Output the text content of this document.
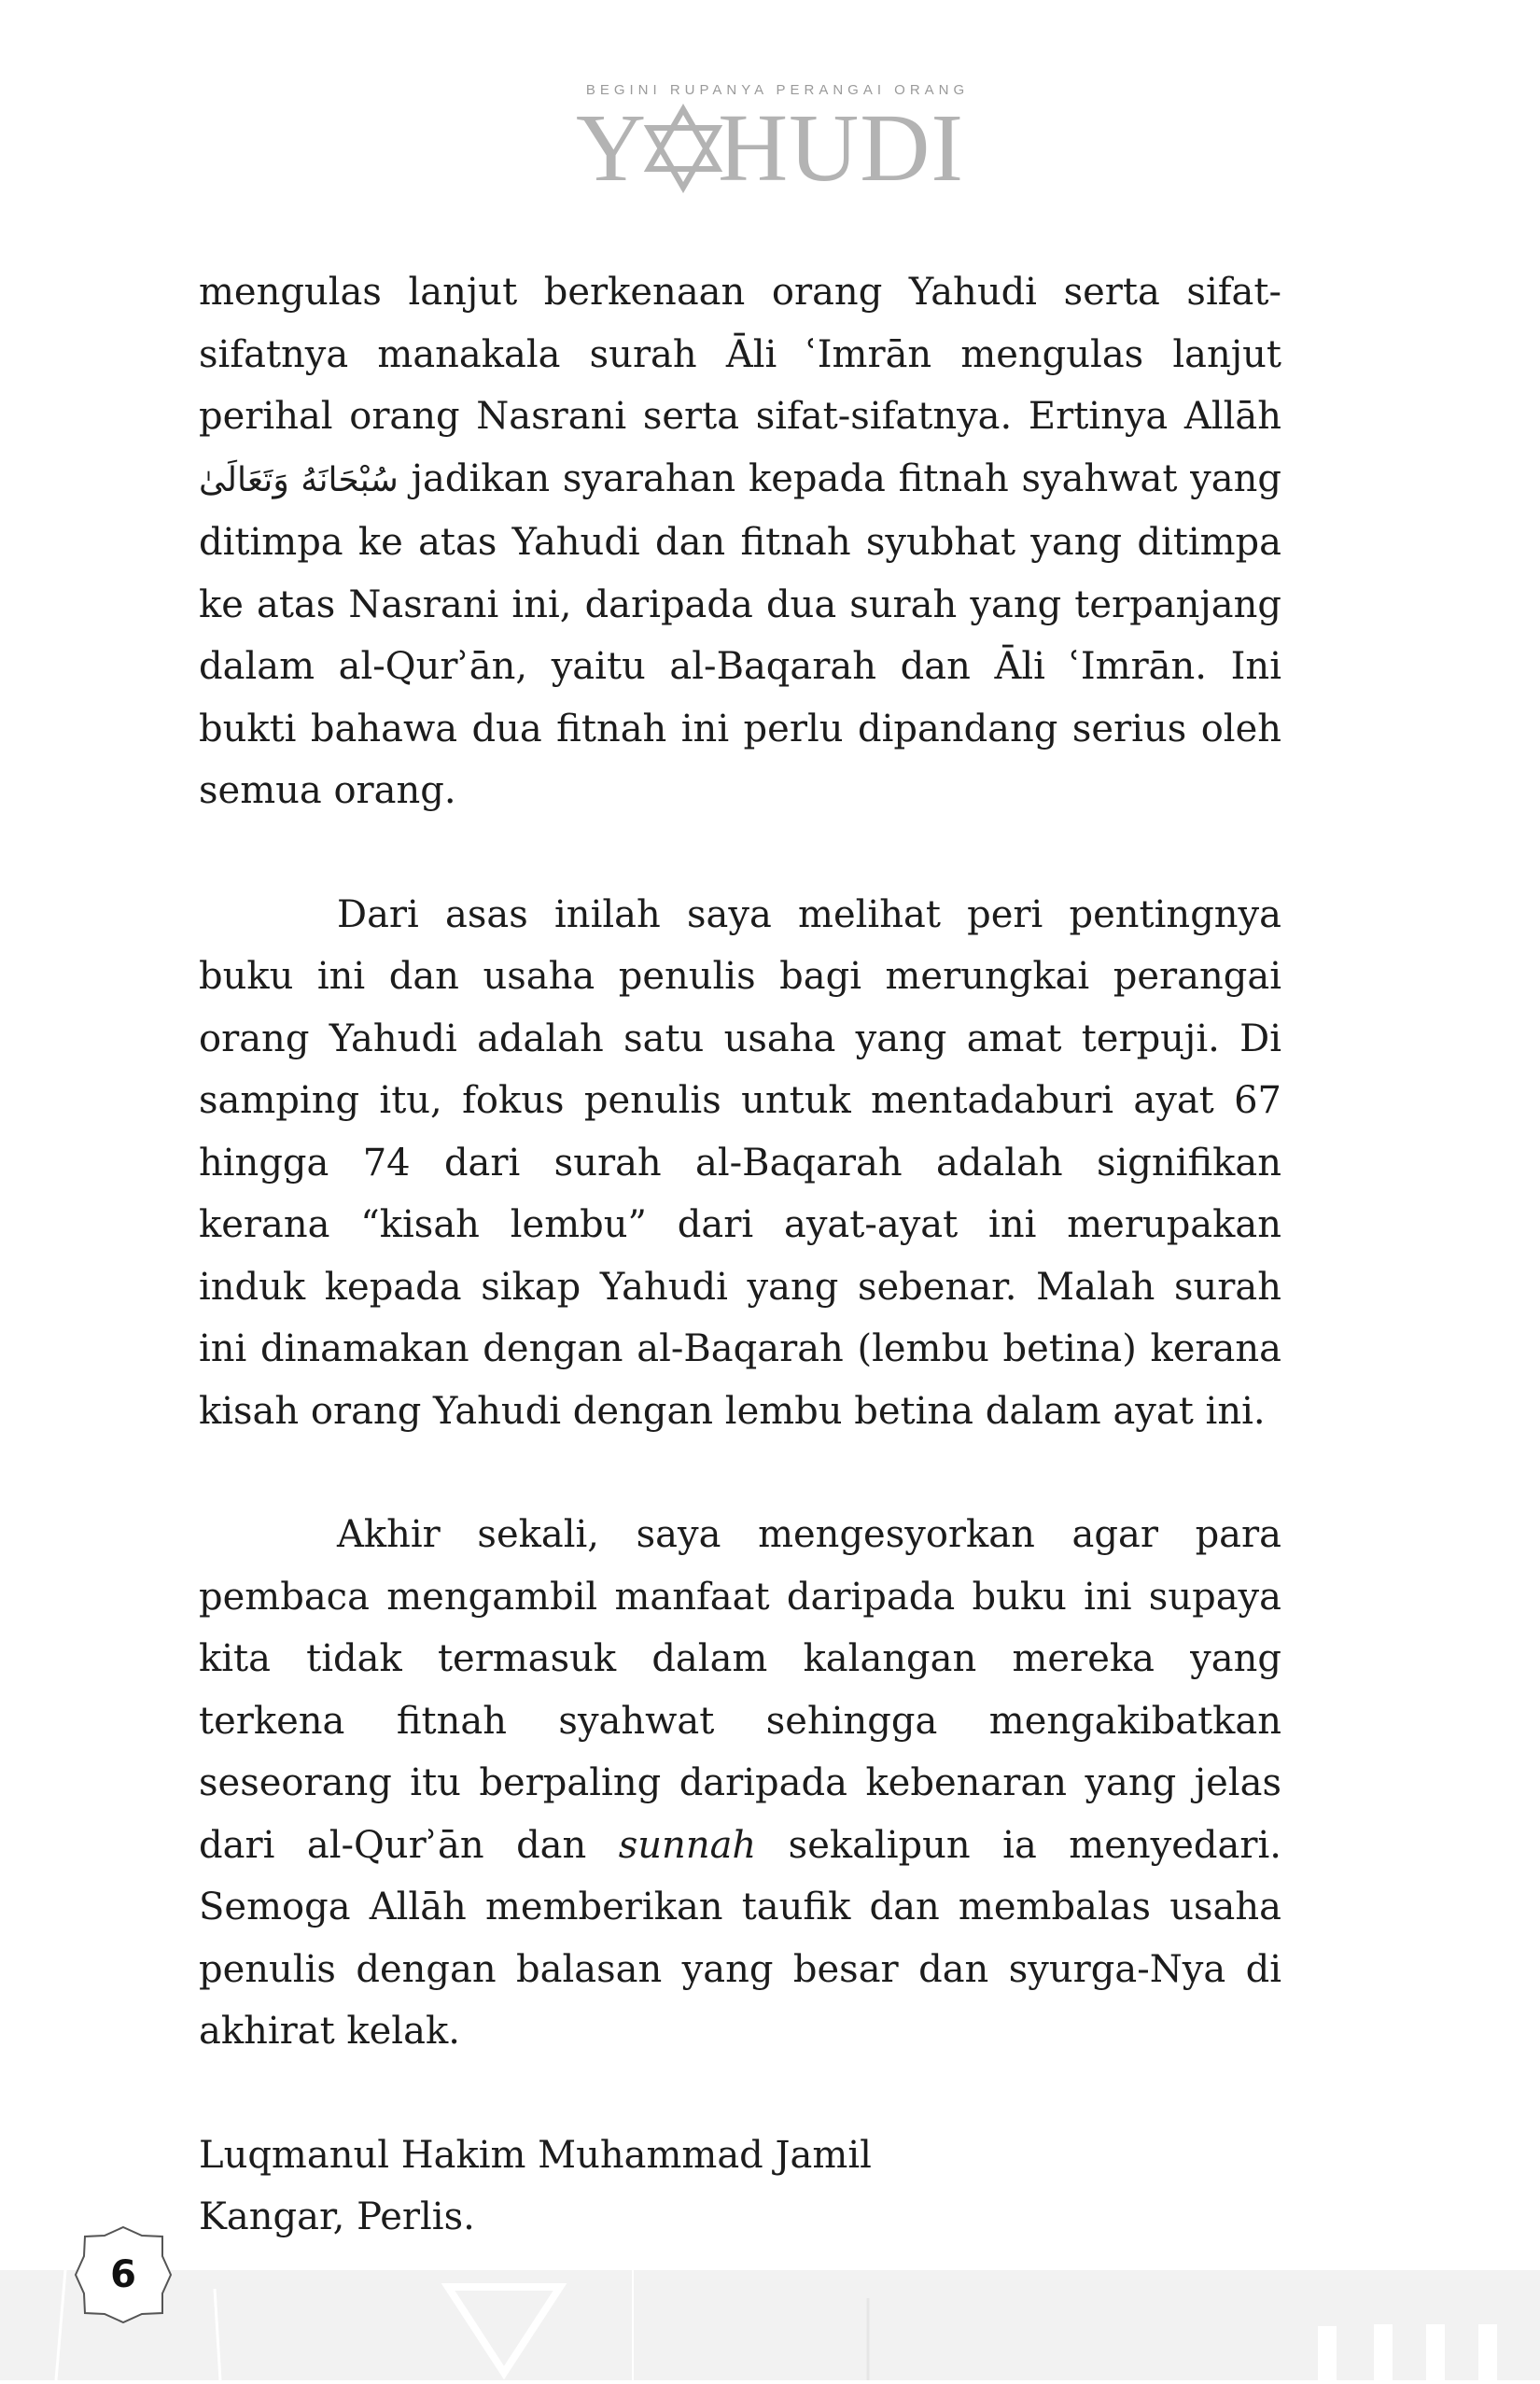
BEGINI RUPANYA PERANGAI ORANG
Y HUDI

mengulas lanjut berkenaan orang Yahudi serta sifat-sifatnya manakala surah Āli ʿImrān mengulas lanjut perihal orang Nasrani serta sifat-sifatnya. Ertinya Allāh سُبْحَانَهُ وَتَعَالَىٰ jadikan syarahan kepada fitnah syahwat yang ditimpa ke atas Yahudi dan fitnah syubhat yang ditimpa ke atas Nasrani ini, daripada dua surah yang terpanjang dalam al-Qurʾān, yaitu al-Baqarah dan Āli ʿImrān. Ini bukti bahawa dua fitnah ini perlu dipandang serius oleh semua orang.

Dari asas inilah saya melihat peri pentingnya buku ini dan usaha penulis bagi merungkai perangai orang Yahudi adalah satu usaha yang amat terpuji. Di samping itu, fokus penulis untuk mentadaburi ayat 67 hingga 74 dari surah al-Baqarah adalah signifikan kerana “kisah lembu” dari ayat-ayat ini merupakan induk kepada sikap Yahudi yang sebenar. Malah surah ini dinamakan dengan al-Baqarah (lembu betina) kerana kisah orang Yahudi dengan lembu betina dalam ayat ini.

Akhir sekali, saya mengesyorkan agar para pembaca mengambil manfaat daripada buku ini supaya kita tidak termasuk dalam kalangan mereka yang terkena fitnah syahwat sehingga mengakibatkan seseorang itu berpaling daripada kebenaran yang jelas dari al-Qurʾān dan sunnah sekalipun ia menyedari. Semoga Allāh memberikan taufik dan membalas usaha penulis dengan balasan yang besar dan syurga-Nya di akhirat kelak.

Luqmanul Hakim Muhammad Jamil
Kangar, Perlis.
6
